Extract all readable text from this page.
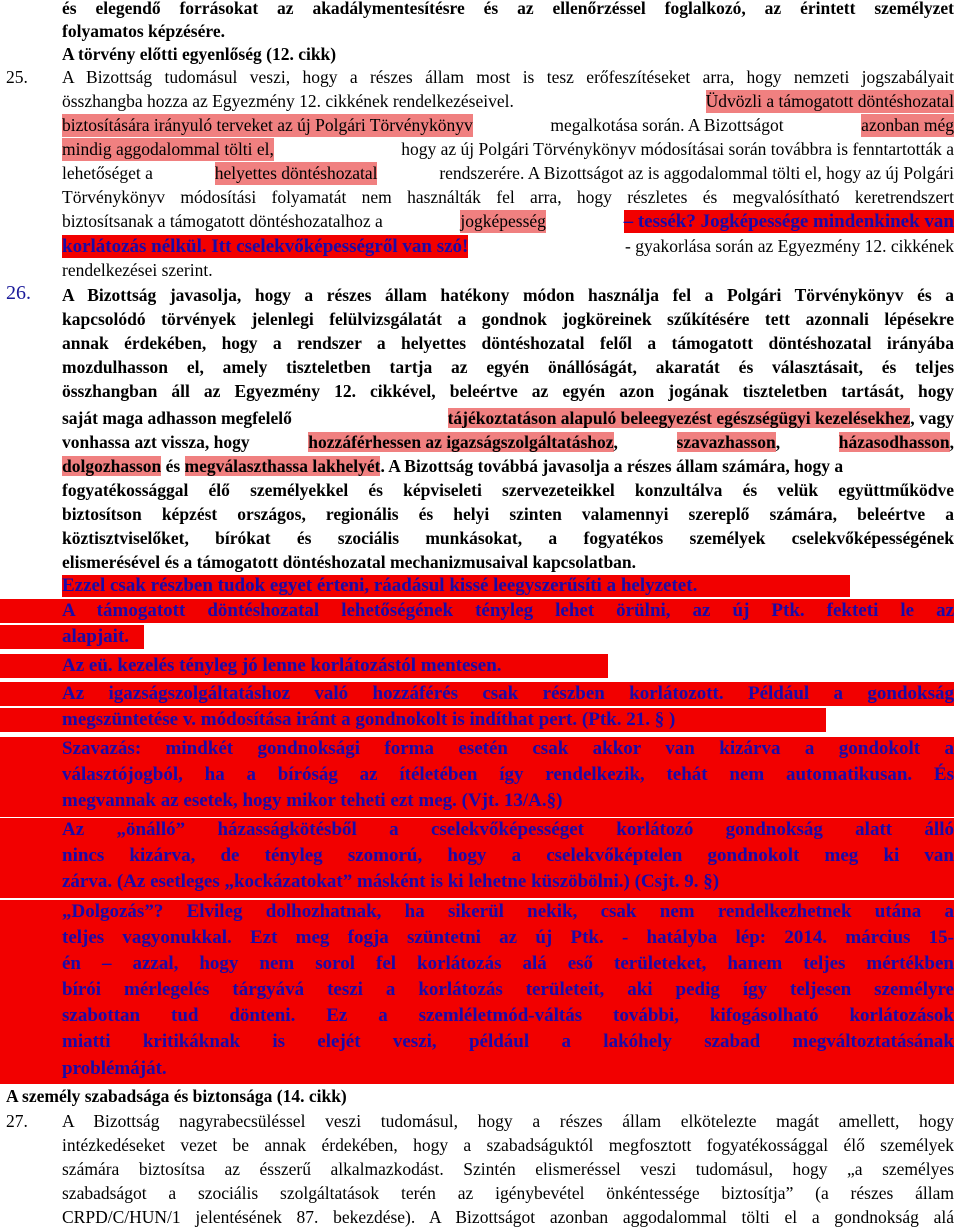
és elegendő forrásokat az akadálymentesítésre és az ellenőrzéssel foglalkozó, az érintett személyzet
folyamatos képzésére.
A törvény előtti egyenlőség (12. cikk)
25. A Bizottság tudomásul veszi, hogy a részes állam most is tesz erőfeszítéseket arra, hogy nemzeti jogszabályait
összhangba hozza az Egyezmény 12. cikkének rendelkezéseivel.	Üdvözli a támogatott döntéshozatal
biztosítására irányuló terveket az új Polgári Törvénykönyv	megalkotása során. A Bizottságot	azonban még
mindig aggodalommal tölti el,	hogy az új Polgári Törvénykönyv módosításai során továbbra is fenntartották a
lehetőséget a	helyettes döntéshozatal	rendszerére. A Bizottságot az is aggodalommal tölti el, hogy az új Polgári
Törvénykönyv módosítási folyamatát nem használták fel arra, hogy részletes és megvalósítható keretrendszert
biztosítsanak a támogatott döntéshozatalhoz a	jogképesség	– tessék? Jogképessége mindenkinek van
korlátozás nélkül. Itt cselekvőképességről van szó!	- gyakorlása során az Egyezmény 12. cikkének
rendelkezései szerint.
26. A Bizottság javasolja, hogy a részes állam hatékony módon használja fel a Polgári Törvénykönyv és a
kapcsolódó törvények jelenlegi felülvizsgálatát a gondnok jogköreinek szűkítésére tett azonnali lépésekre
annak érdekében, hogy a rendszer a helyettes döntéshozatal felől a támogatott döntéshozatal irányába
mozdulhasson el, amely tiszteletben tartja az egyén önállóságát, akaratát és választásait, és teljes
összhangban áll az Egyezmény 12. cikkével, beleértve az egyén azon jogának tiszteletben tartását, hogy
saját maga adhasson megfelelő	tájékoztatáson alapuló beleegyezést egészségügyi kezelésekhez, vagy
vonhassa azt vissza, hogy	hozzáférhessen az igazságszolgáltatáshoz,	szavazhasson,	házasodhasson,
dolgozhasson és megválaszthassa lakhelyét. A Bizottság továbbá javasolja a részes állam számára, hogy a
fogyatékossággal élő személyekkel és képviseleti szervezeteikkel konzultálva és velük együttműködve
biztosítson képzést országos, regionális és helyi szinten valamennyi szereplő számára, beleértve a
köztisztviselőket, bírókat és szociális munkásokat, a fogyatékos személyek cselekvőképességének
elismerésével és a támogatott döntéshozatal mechanizmusaival kapcsolatban.
Ezzel csak részben tudok egyet érteni, ráadásul kissé leegyszerűsíti a helyzetet.
A támogatott döntéshozatal lehetőségének tényleg lehet örülni, az új Ptk. fekteti le az
alapjait.
Az eü. kezelés tényleg jó lenne korlátozástól mentesen.
Az igazságszolgáltatáshoz való hozzáférés csak részben korlátozott. Például a gondokság
megszüntetése v. módosítása iránt a gondnokolt is indíthat pert. (Ptk. 21. § )
Szavazás: mindkét gondnoksági forma esetén csak akkor van kizárva a gondokolt a
választójogból, ha a bíróság az ítéletében így rendelkezik, tehát nem automatikusan. És
megvannak az esetek, hogy mikor teheti ezt meg. (Vjt. 13/A.§)
Az „önálló” házasságkötésből a cselekvőképességet korlátozó gondnokság alatt álló
nincs kizárva, de tényleg szomorú, hogy a cselekvőképtelen gondnokolt meg ki van
zárva. (Az esetleges „kockázatokat” másként is ki lehetne küszöbölni.) (Csjt. 9. §)
„Dolgozás”? Elvileg dolhozhatnak, ha sikerül nekik, csak nem rendelkezhetnek utána a
teljes vagyonukkal. Ezt meg fogja szüntetni az új Ptk. - hatályba lép: 2014. március 15-
én – azzal, hogy nem sorol fel korlátozás alá eső területeket, hanem teljes mértékben
bírói mérlegelés tárgyává teszi a korlátozás területeit, aki pedig így teljesen személyre
szabottan tud dönteni. Ez a szemléletmód-váltás további, kifogásolható korlátozások
miatti kritikáknak is elejét veszi, például a lakóhely szabad megváltoztatásának
problémáját.
A személy szabadsága és biztonsága (14. cikk)
27. A Bizottság nagyrabecsüléssel veszi tudomásul, hogy a részes állam elkötelezte magát amellett, hogy
intézkedéseket vezet be annak érdekében, hogy a szabadságuktól megfosztott fogyatékossággal élő személyek
számára biztosítsa az ésszerű alkalmazkodást. Szintén elismeréssel veszi tudomásul, hogy „a személyes
szabadságot a szociális szolgáltatások terén az igénybevétel önkéntessége biztosítja” (a részes állam
CRPD/C/HUN/1 jelentésének 87. bekezdése). A Bizottságot azonban aggodalommal tölti el a gondnokság alá
